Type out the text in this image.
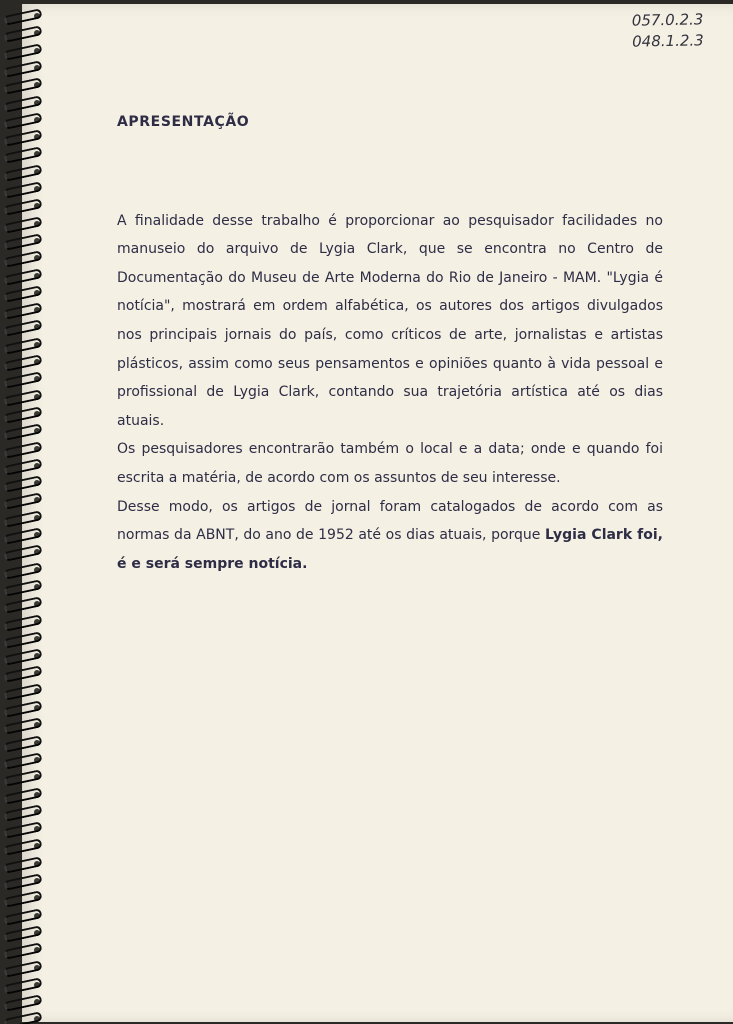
057.0.2.3
048.1.2.3
APRESENTAÇÃO

A finalidade desse trabalho é proporcionar ao pesquisador facilidades no manuseio do arquivo de Lygia Clark, que se encontra no Centro de Documentação do Museu de Arte Moderna do Rio de Janeiro - MAM. "Lygia é notícia", mostrará em ordem alfabética, os autores dos artigos divulgados nos principais jornais do país, como críticos de arte, jornalistas e artistas plásticos, assim como seus pensamentos e opiniões quanto à vida pessoal e profissional de Lygia Clark, contando sua trajetória artística até os dias atuais.

Os pesquisadores encontrarão também o local e a data; onde e quando foi escrita a matéria, de acordo com os assuntos de seu interesse.

Desse modo, os artigos de jornal foram catalogados de acordo com as normas da ABNT, do ano de 1952 até os dias atuais, porque Lygia Clark foi, é e será sempre notícia.
